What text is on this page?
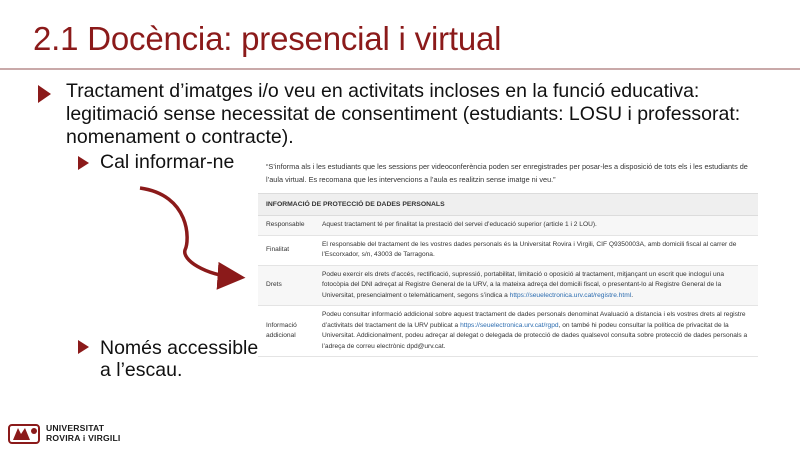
2.1 Docència: presencial i virtual
Tractament d’imatges i/o veu en activitats incloses en la funció educativa: legitimació sense necessitat de consentiment (estudiants: LOSU i professorat: nomenament o contracte).
Cal informar-ne
Només accessible a l’escau.
“S’informa als i les estudiants que les sessions per videoconferència poden ser enregistrades per posar-les a disposició de tots els i les estudiants de l’aula virtual. Es recomana que les intervencions a l’aula es realitzin sense imatge ni veu.”
INFORMACIÓ DE PROTECCIÓ DE DADES PERSONALS	
Responsable	Aquest tractament té per finalitat la prestació del servei d’educació superior (article 1 i 2 LOU).
Finalitat	El responsable del tractament de les vostres dades personals és la Universitat Rovira i Virgili, CIF Q9350003A, amb domicili fiscal al carrer de l’Escorxador, s/n, 43003 de Tarragona.
Drets	Podeu exercir els drets d’accés, rectificació, supressió, portabilitat, limitació o oposició al tractament, mitjançant un escrit que incloguí una fotocòpia del DNI adreçat al Registre General de la URV, a la mateixa adreça del domicili fiscal, o presentant-lo al Registre General de la Universitat, presencialment o telemàticament, segons s’indica a https://seuelectronica.urv.cat/registre.html.
Informació addicional	Podeu consultar informació addicional sobre aquest tractament de dades personals denominat Avaluació a distancia i els vostres drets al registre d’activitats del tractament de la URV publicat a https://seuelectronica.urv.cat/rgpd, on també hi podeu consultar la política de privacitat de la Universitat. Addicionalment, podeu adreçar al delegat o delegada de protecció de dades qualsevol consulta sobre protecció de dades personals a l’adreça de correu electrònic dpd@urv.cat.
UNIVERSITAT
ROVIRA i VIRGILI
